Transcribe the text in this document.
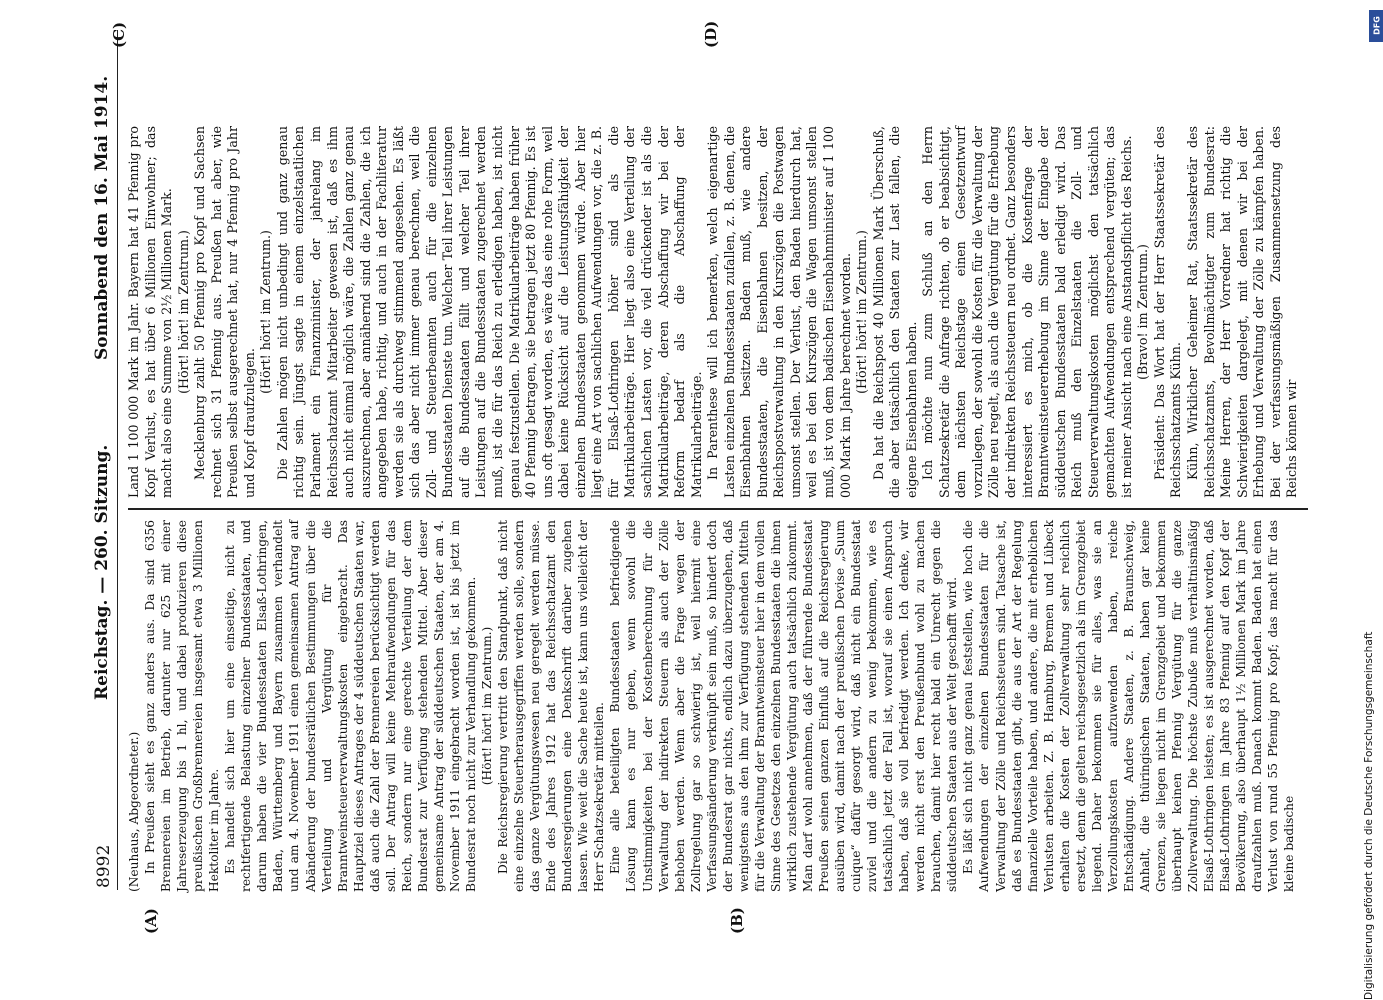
8992
Reichstag. — 260. Sitzung.
Sonnabend den 16. Mai 1914.
(A)	(B)
(C)	(D)

(Neuhaus, Abgeordneter.) In Preußen sieht es ganz anders aus. Da sind 6356 Brennereien im Betrieb, darunter nur 625 mit einer Jahreserzeugung bis 1 hl, und dabei produzieren diese preußischen Großbrennereien insgesamt etwa 3 Millionen Hektoliter im Jahre. Es handelt sich hier um eine einseitige, nicht zu rechtfertigende Belastung einzelner Bundesstaaten, und darum haben die vier Bundesstaaten Elsaß-Lothringen, Baden, Württemberg und Bayern zusammen verhandelt und am 4. November 1911 einen gemeinsamen Antrag auf Abänderung der bundesrätlichen Bestimmungen über die Verteilung und Vergütung für die Branntweinsteuerverwaltungskosten eingebracht. Das Hauptziel dieses Antrages der 4 süddeutschen Staaten war, daß auch die Zahl der Brennereien berücksichtigt werden soll. Der Antrag will keine Mehraufwendungen für das Reich, sondern nur eine gerechte Verteilung der dem Bundesrat zur Verfügung stehenden Mittel. Aber dieser gemeinsame Antrag der süddeutschen Staaten, der am 4. November 1911 eingebracht worden ist, ist bis jetzt im Bundesrat noch nicht zur Verhandlung gekommen. (Hört! hört! im Zentrum.) Die Reichsregierung vertritt den Standpunkt, daß nicht eine einzelne Steuerherausgegriffen werden solle, sondern das ganze Vergütungswesen neu geregelt werden müsse. Ende des Jahres 1912 hat das Reichsschatzamt den Bundesregierungen eine Denkschrift darüber zugehen lassen. Wie weit die Sache heute ist, kann uns vielleicht der Herr Schatzsekretär mitteilen. Eine alle beteiligten Bundesstaaten befriedigende Lösung kann es nur geben, wenn sowohl die Unstimmigkeiten bei der Kostenberechnung für die Verwaltung der indirekten Steuern als auch der Zölle behoben werden. Wenn aber die Frage wegen der Zollregelung gar so schwierig ist, weil hiermit eine Verfassungsänderung verknüpft sein muß, so hindert doch der Bundesrat gar nichts, endlich dazu überzugehen, daß wenigstens aus den ihm zur Verfügung stehenden Mitteln für die Verwaltung der Branntweinsteuer hier in dem vollen Sinne des Gesetzes den einzelnen Bundesstaaten die ihnen wirklich zustehende Vergütung auch tatsächlich zukommt. Man darf wohl annehmen, daß der führende Bundesstaat Preußen seinen ganzen Einfluß auf die Reichsregierung ausüben wird, damit nach der preußischen Devise „Suum cuique“ dafür gesorgt wird, daß nicht ein Bundesstaat zuviel und die andern zu wenig bekommen, wie es tatsächlich jetzt der Fall ist, worauf sie einen Anspruch haben, daß sie voll befriedigt werden. Ich denke, wir werden nicht erst den Preußenbund wohl zu machen brauchen, damit hier recht bald ein Unrecht gegen die süddeutschen Staaten aus der Welt geschafft wird. Es läßt sich nicht ganz genau feststellen, wie hoch die Aufwendungen der einzelnen Bundesstaaten für die Verwaltung der Zölle und Reichssteuern sind. Tatsache ist, daß es Bundesstaaten gibt, die aus der Art der Regelung finanzielle Vorteile haben, und andere, die mit erheblichen Verlusten arbeiten. Z. B. Hamburg, Bremen und Lübeck erhalten die Kosten der Zollverwaltung sehr reichlich ersetzt, denn die gelten reichsgesetzlich als im Grenzgebiet liegend. Daher bekommen sie für alles, was sie an Verzollungskosten aufzuwenden haben, reiche Entschädigung. Andere Staaten, z. B. Braunschweig, Anhalt, die thüringischen Staaten, haben gar keine Grenzen, sie liegen nicht im Grenzgebiet und bekommen überhaupt keinen Pfennig Vergütung für die ganze Zollverwaltung. Die höchste Zubuße muß verhältnismäßig Elsaß-Lothringen leisten; es ist ausgerechnet worden, daß Elsaß-Lothringen im Jahre 83 Pfennig auf den Kopf der Bevölkerung, also überhaupt 1½ Millionen Mark im Jahre draufzahlen muß. Danach kommt Baden. Baden hat einen Verlust von rund 55 Pfennig pro Kopf; das macht für das kleine badische

Land 1 100 000 Mark im Jahr. Bayern hat 41 Pfennig pro Kopf Verlust, es hat über 6 Millionen Einwohner; das macht also eine Summe von 2½ Millionen Mark. (Hört! hört! im Zentrum.) Mecklenburg zahlt 50 Pfennig pro Kopf und Sachsen rechnet sich 31 Pfennig aus. Preußen hat aber, wie Preußen selbst ausgerechnet hat, nur 4 Pfennig pro Jahr und Kopf draufzulegen.

(Hört! hört! im Zentrum.) Die Zahlen mögen nicht unbedingt und ganz genau richtig sein. Jüngst sagte in einem einzelstaatlichen Parlament ein Finanzminister, der jahrelang im Reichsschatzamt Mitarbeiter gewesen ist, daß es ihm auch nicht einmal möglich wäre, die Zahlen ganz genau auszurechnen, aber annähernd sind die Zahlen, die ich angegeben habe, richtig, und auch in der Fachliteratur werden sie als durchweg stimmend angesehen. Es läßt sich das aber nicht immer genau berechnen, weil die Zoll- und Steuerbeamten auch für die einzelnen Bundesstaaten Dienste tun. Welcher Teil ihrer Leistungen auf die Bundesstaaten fällt und welcher Teil ihrer Leistungen auf die Bundesstaaten zugerechnet werden muß, ist die für das Reich zu erledigen haben, ist nicht genau festzustellen. Die Matrikularbeiträge haben früher 40 Pfennig betragen, sie betragen jetzt 80 Pfennig. Es ist uns oft gesagt worden, es wäre das eine rohe Form, weil dabei keine Rücksicht auf die Leistungsfähigkeit der einzelnen Bundesstaaten genommen würde. Aber hier liegt eine Art von sachlichen Aufwendungen vor, die z. B. für Elsaß-Lothringen höher sind als die Matrikularbeiträge. Hier liegt also eine Verteilung der sachlichen Lasten vor, die viel drückender ist als die Matrikularbeiträge, deren Abschaffung wir bei der Reform bedarf als die Abschaffung der Matrikularbeiträge. In Parenthese will ich bemerken, welch eigenartige Lasten einzelnen Bundesstaaten zufallen, z. B. denen, die Eisenbahnen besitzen. Baden muß, wie andere Bundesstaaten, die Eisenbahnen besitzen, der Reichspostverwaltung in den Kurszügen die Postwagen umsonst stellen. Der Verlust, den Baden hierdurch hat, weil es bei den Kurszügen die Wagen umsonst stellen muß, ist von dem badischen Eisenbahnminister auf 1 100 000 Mark im Jahre berechnet worden. (Hört! hört! im Zentrum.) Da hat die Reichspost 40 Millionen Mark Überschuß, die aber tatsächlich den Staaten zur Last fallen, die eigene Eisenbahnen haben. Ich möchte nun zum Schluß an den Herrn Schatzsekretär die Anfrage richten, ob er beabsichtigt, dem nächsten Reichstage einen Gesetzentwurf vorzulegen, der sowohl die Kosten für die Verwaltung der Zölle neu regelt, als auch die Vergütung für die Erhebung der indirekten Reichssteuern neu ordnet. Ganz besonders interessiert es mich, ob die Kostenfrage der Branntweinsteuererhebung im Sinne der Eingabe der süddeutschen Bundesstaaten bald erledigt wird. Das Reich muß den Einzelstaaten die Zoll- und Steuerverwaltungskosten möglichst den tatsächlich gemachten Aufwendungen entsprechend vergüten; das ist meiner Ansicht nach eine Anstandspflicht des Reichs. (Bravo! im Zentrum.) Präsident: Das Wort hat der Herr Staatssekretär des Reichsschatzamts Kühn. Kühn, Wirklicher Geheimer Rat, Staatssekretär des Reichsschatzamts, Bevollmächtigter zum Bundesrat: Meine Herren, der Herr Vorredner hat richtig die Schwierigkeiten dargelegt, mit denen wir bei der Erhebung und Verwaltung der Zölle zu kämpfen haben. Bei der verfassungsmäßigen Zusammensetzung des Reichs können wir

DFG
Digitalisierung gefördert durch die Deutsche Forschungsgemeinschaft
